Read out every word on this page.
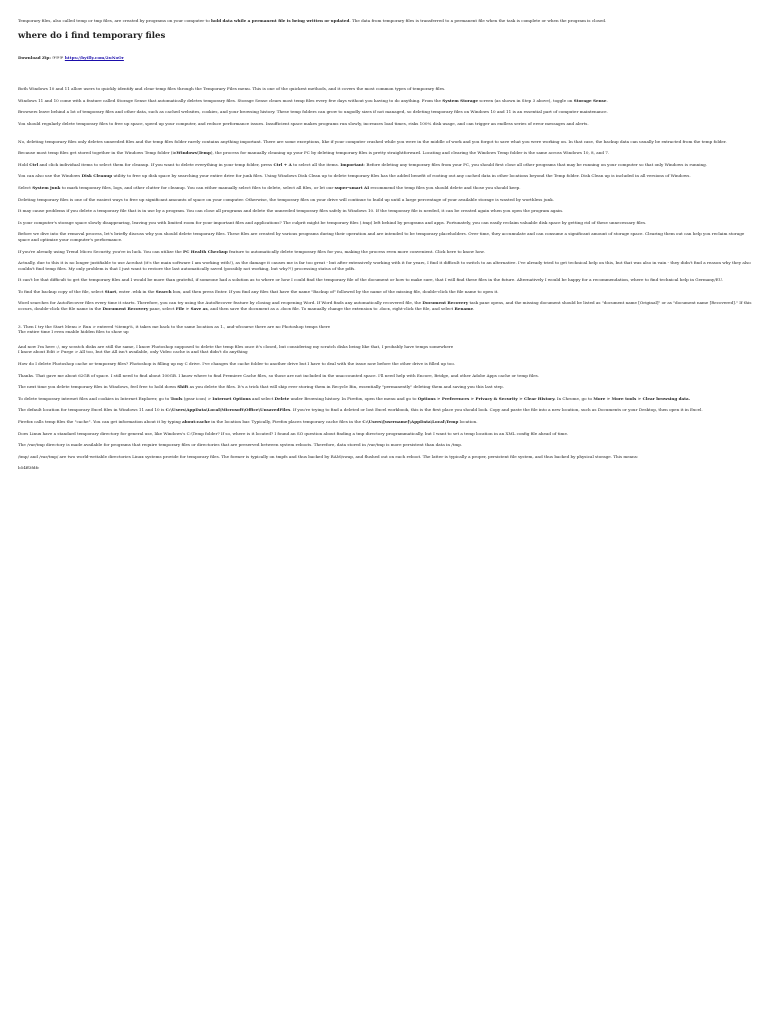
Temporary files, also called temp or tmp files, are created by programs on your computer to hold data while a permanent file is being written or updated. The data from temporary files is transferred to a permanent file when the task is complete or when the program is closed.

where do i find temporary files

Download Zip: ☞☞☞ https://bytlly.com/2uNoOr

Both Windows 10 and 11 allow users to quickly identify and clear temp files through the Temporary Files menu. This is one of the quickest methods, and it covers the most common types of temporary files.

Windows 11 and 10 come with a feature called Storage Sense that automatically deletes temporary files. Storage Sense clears most temp files every few days without you having to do anything. From the System Storage screen (as shown in Step 3 above), toggle on Storage Sense.

Browsers leave behind a lot of temporary files and other data, such as cached websites, cookies, and your browsing history. These temp folders can grow to ungodly sizes if not managed, so deleting temporary files on Windows 10 and 11 is an essential part of computer maintenance.

You should regularly delete temporary files to free up space, speed up your computer, and reduce performance issues. Insufficient space makes programs run slowly, increases load times, risks 100% disk usage, and can trigger an endless series of error messages and alerts.

No, deleting temporary files only deletes unneeded files and the temp files folder rarely contains anything important. There are some exceptions, like if your computer crashed while you were in the middle of work and you forgot to save what you were working on. In that case, the backup data can usually be extracted from the temp folder.

Because most temp files get stored together in the Windows Temp folder (inWindows\Temp), the process for manually cleaning up your PC by deleting temporary files is pretty straightforward. Locating and clearing the Windows Temp folder is the same across Windows 10, 8, and 7.

Hold Ctrl and click individual items to select them for cleanup. If you want to delete everything in your temp folder, press Ctrl + A to select all the items. Important: Before deleting any temporary files from your PC, you should first close all other programs that may be running on your computer so that only Windows is running.

You can also use the Windows Disk Cleanup utility to free up disk space by searching your entire drive for junk files. Using Windows Disk Clean up to delete temporary files has the added benefit of rooting out any cached data in other locations beyond the Temp folder. Disk Clean up is included in all versions of Windows.

Select System junk to mark temporary files, logs, and other clutter for cleanup. You can either manually select files to delete, select all files, or let our super-smart AI recommend the temp files you should delete and those you should keep.

Deleting temporary files is one of the easiest ways to free up significant amounts of space on your computer. Otherwise, the temporary files on your drive will continue to build up until a large percentage of your available storage is wasted by worthless junk.

It may cause problems if you delete a temporary file that is in use by a program. You can close all programs and delete the unneeded temporary files safely in Windows 10. If the temporary file is needed, it can be created again when you open the program again.

Is your computer's storage space slowly disappearing, leaving you with limited room for your important files and applications? The culprit might be temporary files (.tmp) left behind by programs and apps. Fortunately, you can easily reclaim valuable disk space by getting rid of these unnecessary files.

Before we dive into the removal process, let's briefly discuss why you should delete temporary files. These files are created by various programs during their operation and are intended to be temporary placeholders. Over time, they accumulate and can consume a significant amount of storage space. Clearing them out can help you reclaim storage space and optimize your computer's performance.

If you're already using Trend Micro Security, you're in luck. You can utilize the PC Health Checkup feature to automatically delete temporary files for you, making the process even more convenient. Click here to know how.

Actually, due to this it is no longer justifiable to use Acrobat (it's the main software I am working with!), as the damage it causes me is far too great - but after extensively working with it for years, I find it difficult to switch to an alternative. I've already tried to get technical help on this, but that was also in vain - they didn't find a reason why they also couldn't find temp files. My only problem is that I just want to restore the last automatically saved (possibly not working, but why?!) processing status of the pdfs.

It can't be that difficult to get the temporary files and I would be more than grateful, if someone had a solution as to where or how I could find the temporary file of the document or how to make sure, that I will find these files in the future. Alternatively I would be happy for a recommendation, where to find technical help in Germany/EU.

To find the backup copy of the file, select Start, enter .wbk in the Search box, and then press Enter. If you find any files that have the name "Backup of" followed by the name of the missing file, double-click the file name to open it.

Word searches for AutoRecover files every time it starts. Therefore, you can try using the AutoRecover feature by closing and reopening Word. If Word finds any automatically recovered file, the Document Recovery task pane opens, and the missing document should be listed as "document name [Original]" or as "document name [Recovered]." If this occurs, double-click the file name in the Document Recovery pane, select File > Save as, and then save the document as a .docx file. To manually change the extension to .docx, right-click the file, and select Rename.

3. Then I try the Start Menu > Run > entered %temp%, it takes me back to the same location as 1., and-ofcourse there are no Photoshop temps there

The entire time I even enable hidden files to show up

And now I'm here :/, my scratch disks are still the same, I know Photoshop supposed to delete the temp files once it's closed, but considering my scratch disks being like that, I probably have temps somewhere

I know about Edit > Purge > All too, but the All isn't available, only Video cache is and that didn't do anything

How do I delete Photoshop cache or temporary files? Photoshop is filling up my C drive. I've changes the cache folder to another drive but I have to deal with the issue now before the other drive is filled up too.

Thanks. That gave me about 62GB of space. I still need to find about 100GB. I know where to find Premiere Cache files, so those are not included in the unaccounted space. I'll need help with Encore, Bridge, and other Adobe Apps cache or temp files.

The next time you delete temporary files in Windows, feel free to hold down Shift as you delete the files. It's a trick that will skip ever storing them in Recycle Bin, essentially "permanently" deleting them and saving you this last step.

To delete temporary internet files and cookies in Internet Explorer, go to Tools (gear icon) > Internet Options and select Delete under Browsing history. In Firefox, open the menu and go to Options > Preferences > Privacy & Security > Clear History. In Chrome, go to More > More tools > Clear browsing data.

The default location for temporary Excel files in Windows 11 and 10 is C:\Users\AppData\Local\Microsoft\Office\UnsavedFiles. If you're trying to find a deleted or lost Excel workbook, this is the first place you should look. Copy and paste the file into a new location, such as Documents or your Desktop, then open it in Excel.

Firefox calls temp files the "cache". You can get information about it by typing about:cache in the location bar. Typically, Firefox places temporary cache files in the C:\Users\[username]\AppData\Local\Temp location.

Does Linux have a standard temporary directory for general use, like Windows's C:\Temp folder? If so, where is it located? I found an SO question about finding a tmp directory programmatically, but I want to set a temp location in an XML config file ahead of time.

The /var/tmp directory is made available for programs that require temporary files or directories that are preserved between system reboots. Therefore, data stored in /var/tmp is more persistent than data in /tmp.

/tmp/ and /var/tmp/ are two world-writable directories Linux systems provide for temporary files. The former is typically on tmpfs and thus backed by RAM/swap, and flushed out on each reboot. The latter is typically a proper, persistent file system, and thus backed by physical storage. This means:

b54ff3fdfc
